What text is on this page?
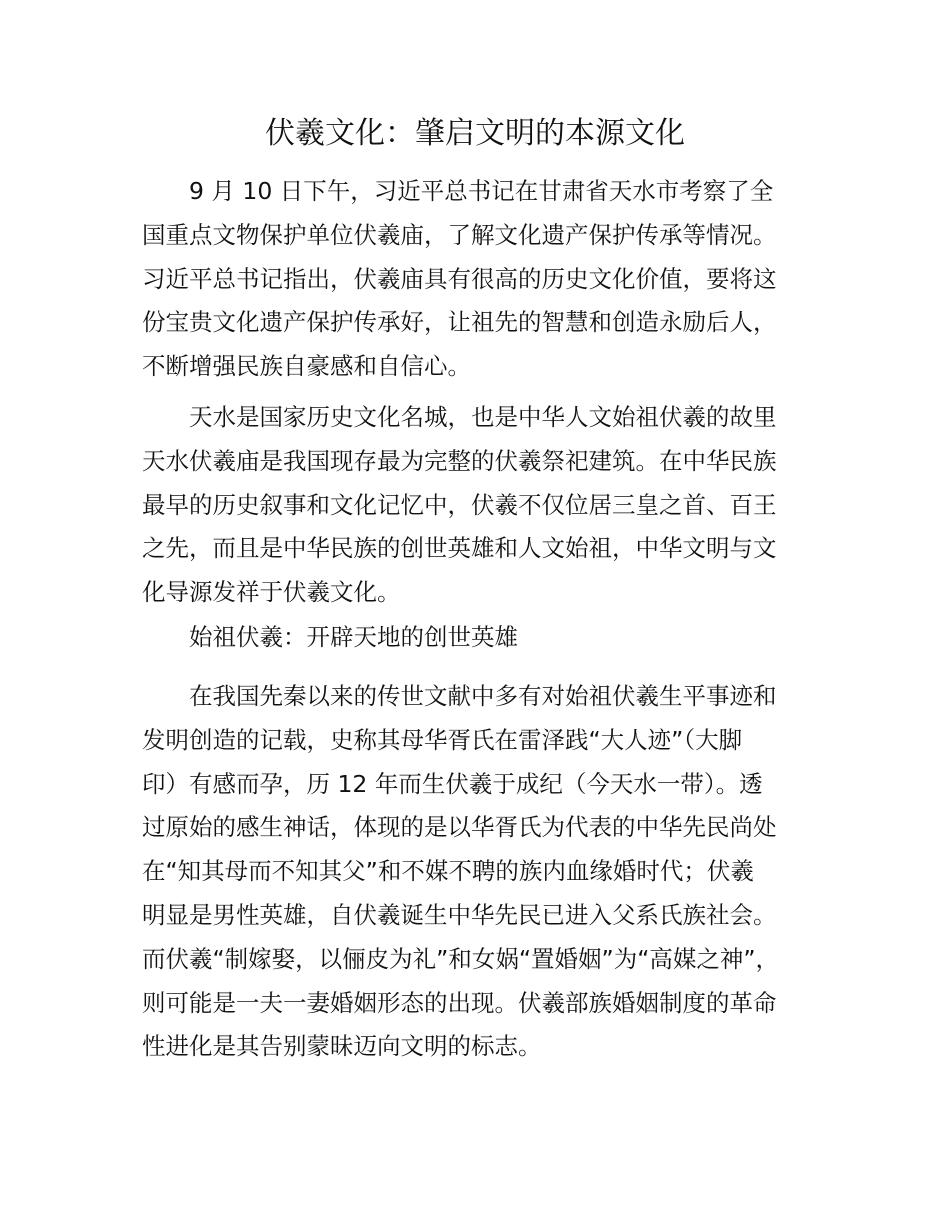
伏羲文化：肇启文明的本源文化
9 月 10 日下午，习近平总书记在甘肃省天水市考察了全
国重点文物保护单位伏羲庙，了解文化遗产保护传承等情况。
习近平总书记指出，伏羲庙具有很高的历史文化价值，要将这
份宝贵文化遗产保护传承好，让祖先的智慧和创造永励后人，
不断增强民族自豪感和自信心。
天水是国家历史文化名城，也是中华人文始祖伏羲的故里
天水伏羲庙是我国现存最为完整的伏羲祭祀建筑。在中华民族
最早的历史叙事和文化记忆中，伏羲不仅位居三皇之首、百王
之先，而且是中华民族的创世英雄和人文始祖，中华文明与文
化导源发祥于伏羲文化。
始祖伏羲：开辟天地的创世英雄
在我国先秦以来的传世文献中多有对始祖伏羲生平事迹和
发明创造的记载，史称其母华胥氏在雷泽践“大人迹”（大脚
印）有感而孕，历 12 年而生伏羲于成纪（今天水一带）。透
过原始的感生神话，体现的是以华胥氏为代表的中华先民尚处
在“知其母而不知其父”和不媒不聘的族内血缘婚时代；伏羲
明显是男性英雄，自伏羲诞生中华先民已进入父系氏族社会。
而伏羲“制嫁娶，以俪皮为礼”和女娲“置婚姻”为“高媒之神”，
则可能是一夫一妻婚姻形态的出现。伏羲部族婚姻制度的革命
性进化是其告别蒙昧迈向文明的标志。
